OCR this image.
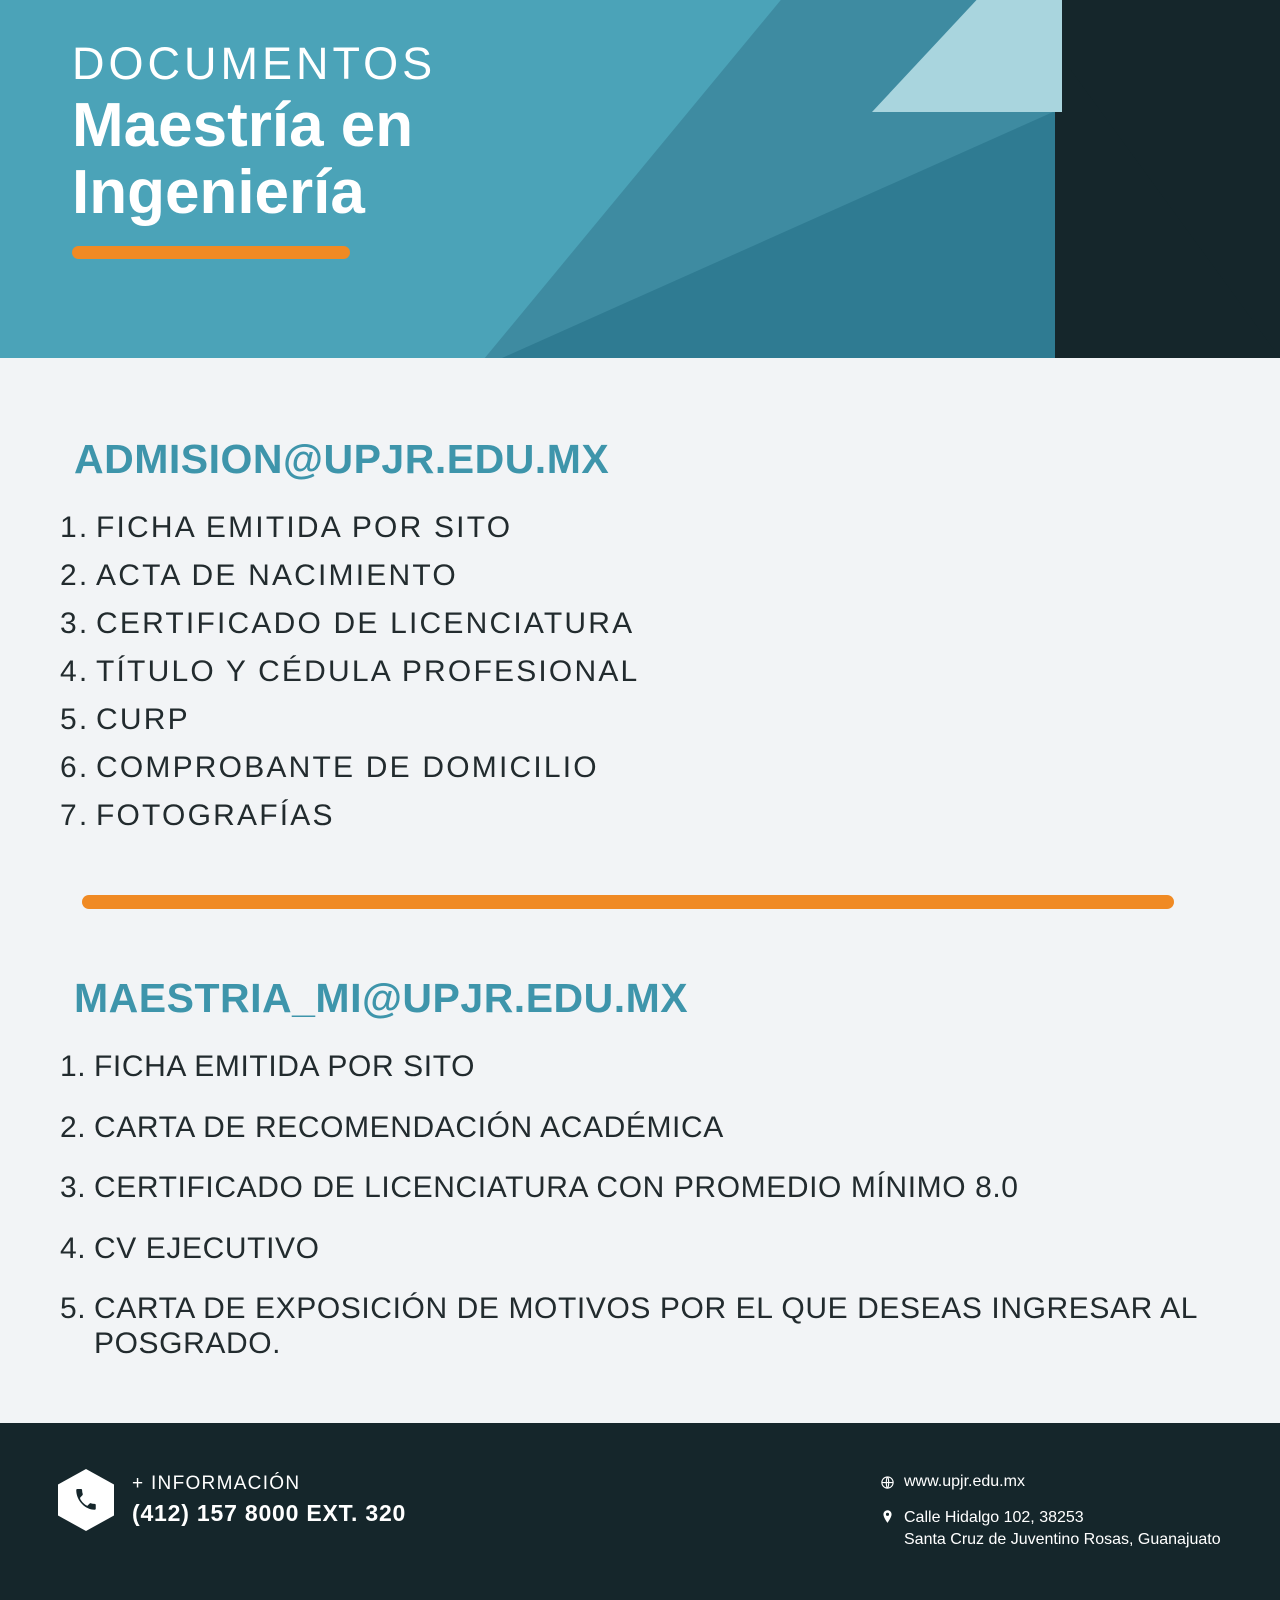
DOCUMENTOS
Maestría en
Ingeniería
ADMISION@UPJR.EDU.MX
1. FICHA EMITIDA POR SITO
2. ACTA DE NACIMIENTO
3. CERTIFICADO DE LICENCIATURA
4. TÍTULO Y CÉDULA PROFESIONAL
5. CURP
6. COMPROBANTE DE DOMICILIO
7. FOTOGRAFÍAS
MAESTRIA_MI@UPJR.EDU.MX
1. FICHA EMITIDA POR SITO
2. CARTA DE RECOMENDACIÓN ACADÉMICA
3. CERTIFICADO DE LICENCIATURA CON PROMEDIO MÍNIMO 8.0
4. CV EJECUTIVO
5. CARTA DE EXPOSICIÓN DE MOTIVOS POR EL QUE DESEAS INGRESAR AL POSGRADO.
+ INFORMACIÓN
(412) 157 8000 EXT. 320
www.upjr.edu.mx
Calle Hidalgo 102, 38253
Santa Cruz de Juventino Rosas, Guanajuato
